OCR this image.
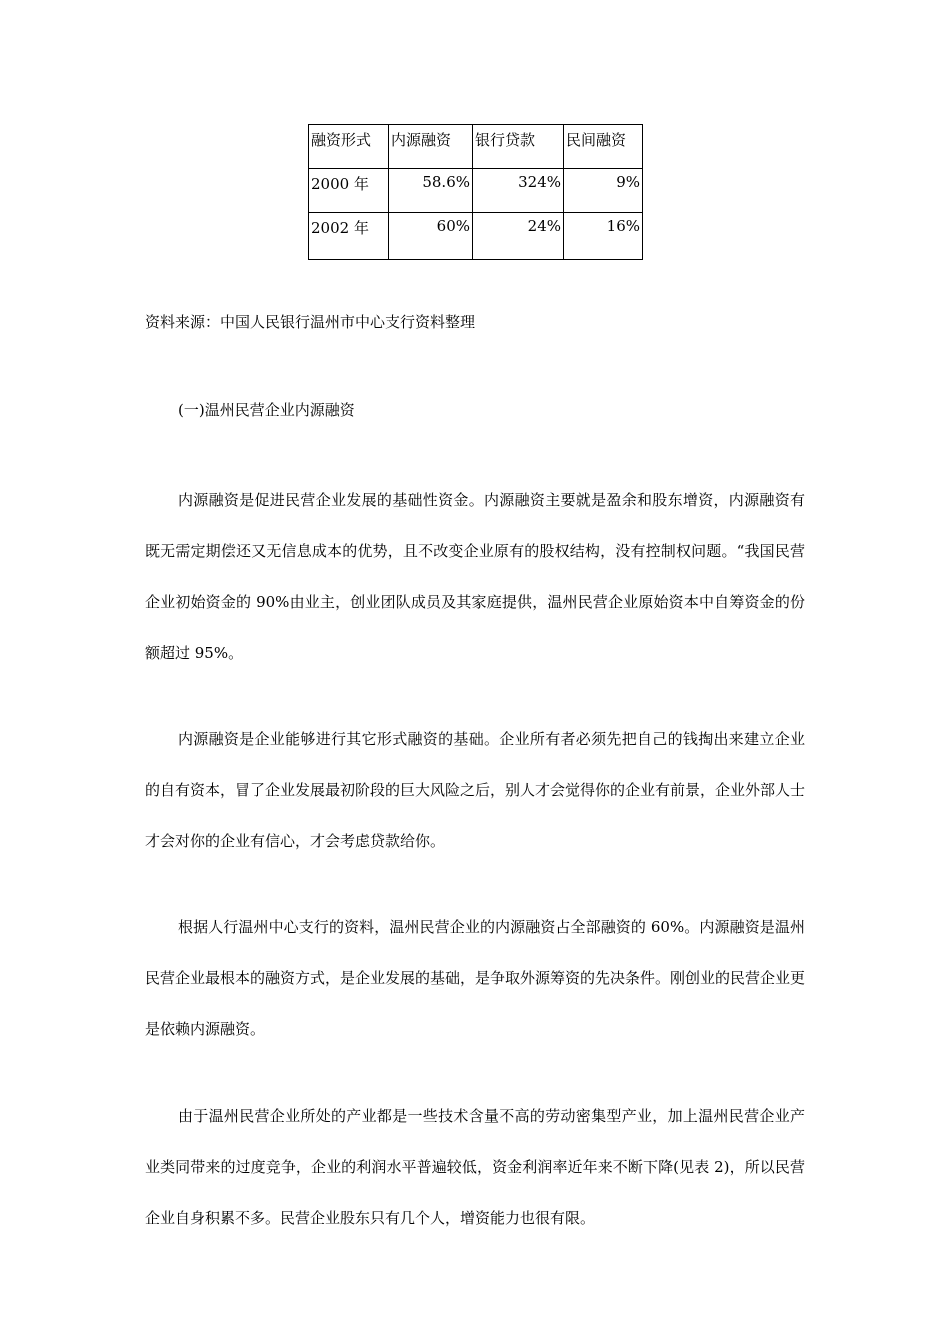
融资形式	内源融资	银行贷款	民间融资
2000 年	58.6%	324%	9%
2002 年	60%	24%	16%
资料来源：中国人民银行温州市中心支行资料整理
(一)温州民营企业内源融资

内源融资是促进民营企业发展的基础性资金。内源融资主要就是盈余和股东增资，内源融资有既无需定期偿还又无信息成本的优势，且不改变企业原有的股权结构，没有控制权问题。“我国民营企业初始资金的 90%由业主，创业团队成员及其家庭提供，温州民营企业原始资本中自筹资金的份额超过 95%。

内源融资是企业能够进行其它形式融资的基础。企业所有者必须先把自己的钱掏出来建立企业的自有资本，冒了企业发展最初阶段的巨大风险之后，别人才会觉得你的企业有前景，企业外部人士才会对你的企业有信心，才会考虑贷款给你。

根据人行温州中心支行的资料，温州民营企业的内源融资占全部融资的 60%。内源融资是温州民营企业最根本的融资方式，是企业发展的基础，是争取外源筹资的先决条件。刚创业的民营企业更是依赖内源融资。

由于温州民营企业所处的产业都是一些技术含量不高的劳动密集型产业，加上温州民营企业产业类同带来的过度竞争，企业的利润水平普遍较低，资金利润率近年来不断下降(见表 2)，所以民营企业自身积累不多。民营企业股东只有几个人，增资能力也很有限。
